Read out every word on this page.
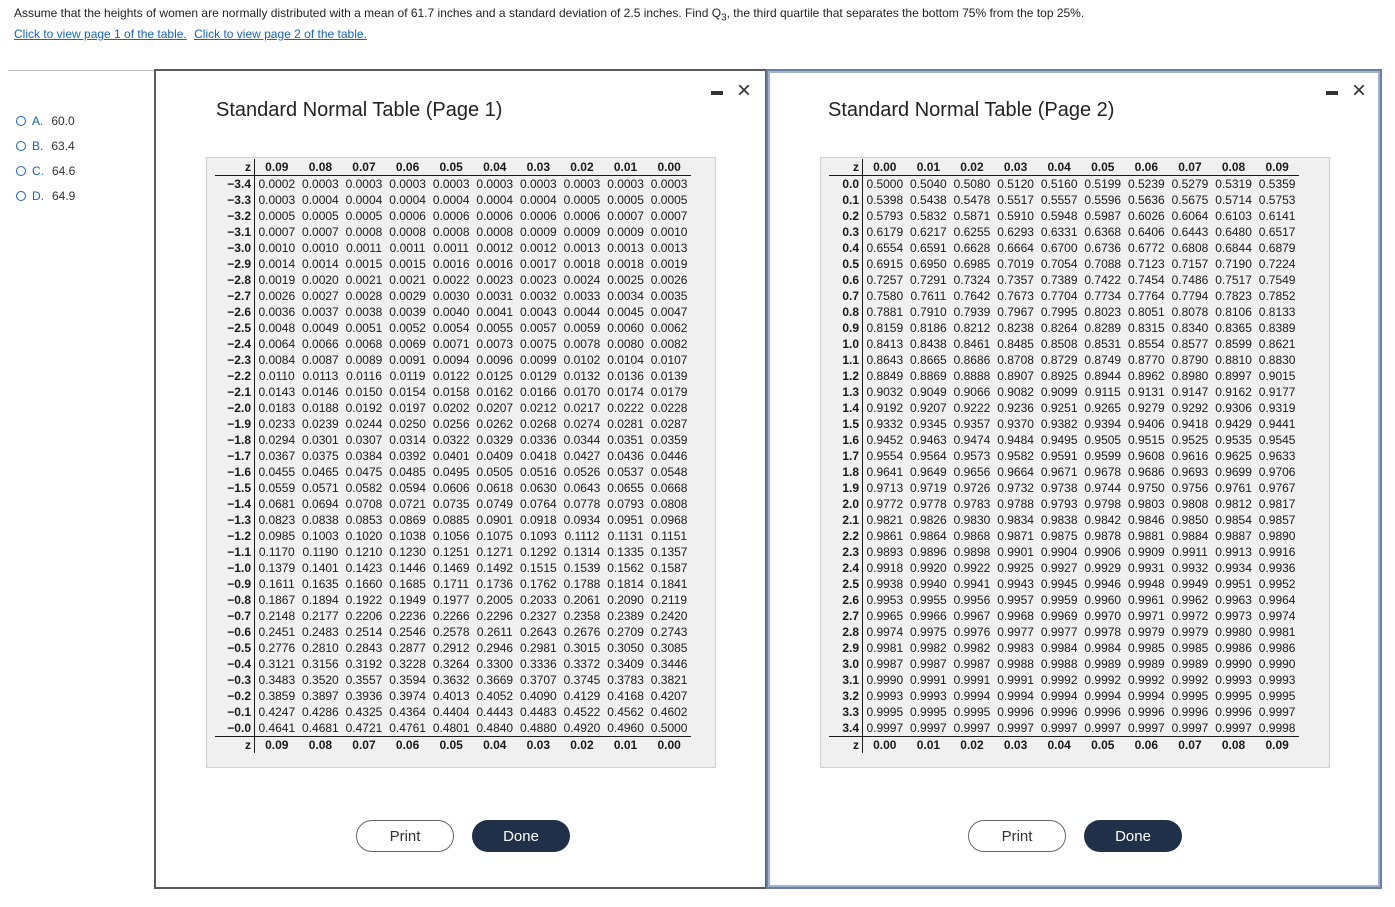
Assume that the heights of women are normally distributed with a mean of 61.7 inches and a standard deviation of 2.5 inches. Find $Q_3$, the third quartile that separates the bottom 75% from the top 25%.
Click to view page 1 of the table. Click to view page 2 of the table.
A. 60.0
B. 63.4
C. 64.6
D. 64.9
Standard Normal Table (Page 1)
×
z	0.09	0.08	0.07	0.06	0.05	0.04	0.03	0.02	0.01	0.00
−3.4	0.0002	0.0003	0.0003	0.0003	0.0003	0.0003	0.0003	0.0003	0.0003	0.0003
−3.3	0.0003	0.0004	0.0004	0.0004	0.0004	0.0004	0.0004	0.0005	0.0005	0.0005
−3.2	0.0005	0.0005	0.0005	0.0006	0.0006	0.0006	0.0006	0.0006	0.0007	0.0007
−3.1	0.0007	0.0007	0.0008	0.0008	0.0008	0.0008	0.0009	0.0009	0.0009	0.0010
−3.0	0.0010	0.0010	0.0011	0.0011	0.0011	0.0012	0.0012	0.0013	0.0013	0.0013
−2.9	0.0014	0.0014	0.0015	0.0015	0.0016	0.0016	0.0017	0.0018	0.0018	0.0019
−2.8	0.0019	0.0020	0.0021	0.0021	0.0022	0.0023	0.0023	0.0024	0.0025	0.0026
−2.7	0.0026	0.0027	0.0028	0.0029	0.0030	0.0031	0.0032	0.0033	0.0034	0.0035
−2.6	0.0036	0.0037	0.0038	0.0039	0.0040	0.0041	0.0043	0.0044	0.0045	0.0047
−2.5	0.0048	0.0049	0.0051	0.0052	0.0054	0.0055	0.0057	0.0059	0.0060	0.0062
−2.4	0.0064	0.0066	0.0068	0.0069	0.0071	0.0073	0.0075	0.0078	0.0080	0.0082
−2.3	0.0084	0.0087	0.0089	0.0091	0.0094	0.0096	0.0099	0.0102	0.0104	0.0107
−2.2	0.0110	0.0113	0.0116	0.0119	0.0122	0.0125	0.0129	0.0132	0.0136	0.0139
−2.1	0.0143	0.0146	0.0150	0.0154	0.0158	0.0162	0.0166	0.0170	0.0174	0.0179
−2.0	0.0183	0.0188	0.0192	0.0197	0.0202	0.0207	0.0212	0.0217	0.0222	0.0228
−1.9	0.0233	0.0239	0.0244	0.0250	0.0256	0.0262	0.0268	0.0274	0.0281	0.0287
−1.8	0.0294	0.0301	0.0307	0.0314	0.0322	0.0329	0.0336	0.0344	0.0351	0.0359
−1.7	0.0367	0.0375	0.0384	0.0392	0.0401	0.0409	0.0418	0.0427	0.0436	0.0446
−1.6	0.0455	0.0465	0.0475	0.0485	0.0495	0.0505	0.0516	0.0526	0.0537	0.0548
−1.5	0.0559	0.0571	0.0582	0.0594	0.0606	0.0618	0.0630	0.0643	0.0655	0.0668
−1.4	0.0681	0.0694	0.0708	0.0721	0.0735	0.0749	0.0764	0.0778	0.0793	0.0808
−1.3	0.0823	0.0838	0.0853	0.0869	0.0885	0.0901	0.0918	0.0934	0.0951	0.0968
−1.2	0.0985	0.1003	0.1020	0.1038	0.1056	0.1075	0.1093	0.1112	0.1131	0.1151
−1.1	0.1170	0.1190	0.1210	0.1230	0.1251	0.1271	0.1292	0.1314	0.1335	0.1357
−1.0	0.1379	0.1401	0.1423	0.1446	0.1469	0.1492	0.1515	0.1539	0.1562	0.1587
−0.9	0.1611	0.1635	0.1660	0.1685	0.1711	0.1736	0.1762	0.1788	0.1814	0.1841
−0.8	0.1867	0.1894	0.1922	0.1949	0.1977	0.2005	0.2033	0.2061	0.2090	0.2119
−0.7	0.2148	0.2177	0.2206	0.2236	0.2266	0.2296	0.2327	0.2358	0.2389	0.2420
−0.6	0.2451	0.2483	0.2514	0.2546	0.2578	0.2611	0.2643	0.2676	0.2709	0.2743
−0.5	0.2776	0.2810	0.2843	0.2877	0.2912	0.2946	0.2981	0.3015	0.3050	0.3085
−0.4	0.3121	0.3156	0.3192	0.3228	0.3264	0.3300	0.3336	0.3372	0.3409	0.3446
−0.3	0.3483	0.3520	0.3557	0.3594	0.3632	0.3669	0.3707	0.3745	0.3783	0.3821
−0.2	0.3859	0.3897	0.3936	0.3974	0.4013	0.4052	0.4090	0.4129	0.4168	0.4207
−0.1	0.4247	0.4286	0.4325	0.4364	0.4404	0.4443	0.4483	0.4522	0.4562	0.4602
−0.0	0.4641	0.4681	0.4721	0.4761	0.4801	0.4840	0.4880	0.4920	0.4960	0.5000
z	0.09	0.08	0.07	0.06	0.05	0.04	0.03	0.02	0.01	0.00
Print	Done
Standard Normal Table (Page 2)
×
z	0.00	0.01	0.02	0.03	0.04	0.05	0.06	0.07	0.08	0.09
0.0	0.5000	0.5040	0.5080	0.5120	0.5160	0.5199	0.5239	0.5279	0.5319	0.5359
0.1	0.5398	0.5438	0.5478	0.5517	0.5557	0.5596	0.5636	0.5675	0.5714	0.5753
0.2	0.5793	0.5832	0.5871	0.5910	0.5948	0.5987	0.6026	0.6064	0.6103	0.6141
0.3	0.6179	0.6217	0.6255	0.6293	0.6331	0.6368	0.6406	0.6443	0.6480	0.6517
0.4	0.6554	0.6591	0.6628	0.6664	0.6700	0.6736	0.6772	0.6808	0.6844	0.6879
0.5	0.6915	0.6950	0.6985	0.7019	0.7054	0.7088	0.7123	0.7157	0.7190	0.7224
0.6	0.7257	0.7291	0.7324	0.7357	0.7389	0.7422	0.7454	0.7486	0.7517	0.7549
0.7	0.7580	0.7611	0.7642	0.7673	0.7704	0.7734	0.7764	0.7794	0.7823	0.7852
0.8	0.7881	0.7910	0.7939	0.7967	0.7995	0.8023	0.8051	0.8078	0.8106	0.8133
0.9	0.8159	0.8186	0.8212	0.8238	0.8264	0.8289	0.8315	0.8340	0.8365	0.8389
1.0	0.8413	0.8438	0.8461	0.8485	0.8508	0.8531	0.8554	0.8577	0.8599	0.8621
1.1	0.8643	0.8665	0.8686	0.8708	0.8729	0.8749	0.8770	0.8790	0.8810	0.8830
1.2	0.8849	0.8869	0.8888	0.8907	0.8925	0.8944	0.8962	0.8980	0.8997	0.9015
1.3	0.9032	0.9049	0.9066	0.9082	0.9099	0.9115	0.9131	0.9147	0.9162	0.9177
1.4	0.9192	0.9207	0.9222	0.9236	0.9251	0.9265	0.9279	0.9292	0.9306	0.9319
1.5	0.9332	0.9345	0.9357	0.9370	0.9382	0.9394	0.9406	0.9418	0.9429	0.9441
1.6	0.9452	0.9463	0.9474	0.9484	0.9495	0.9505	0.9515	0.9525	0.9535	0.9545
1.7	0.9554	0.9564	0.9573	0.9582	0.9591	0.9599	0.9608	0.9616	0.9625	0.9633
1.8	0.9641	0.9649	0.9656	0.9664	0.9671	0.9678	0.9686	0.9693	0.9699	0.9706
1.9	0.9713	0.9719	0.9726	0.9732	0.9738	0.9744	0.9750	0.9756	0.9761	0.9767
2.0	0.9772	0.9778	0.9783	0.9788	0.9793	0.9798	0.9803	0.9808	0.9812	0.9817
2.1	0.9821	0.9826	0.9830	0.9834	0.9838	0.9842	0.9846	0.9850	0.9854	0.9857
2.2	0.9861	0.9864	0.9868	0.9871	0.9875	0.9878	0.9881	0.9884	0.9887	0.9890
2.3	0.9893	0.9896	0.9898	0.9901	0.9904	0.9906	0.9909	0.9911	0.9913	0.9916
2.4	0.9918	0.9920	0.9922	0.9925	0.9927	0.9929	0.9931	0.9932	0.9934	0.9936
2.5	0.9938	0.9940	0.9941	0.9943	0.9945	0.9946	0.9948	0.9949	0.9951	0.9952
2.6	0.9953	0.9955	0.9956	0.9957	0.9959	0.9960	0.9961	0.9962	0.9963	0.9964
2.7	0.9965	0.9966	0.9967	0.9968	0.9969	0.9970	0.9971	0.9972	0.9973	0.9974
2.8	0.9974	0.9975	0.9976	0.9977	0.9977	0.9978	0.9979	0.9979	0.9980	0.9981
2.9	0.9981	0.9982	0.9982	0.9983	0.9984	0.9984	0.9985	0.9985	0.9986	0.9986
3.0	0.9987	0.9987	0.9987	0.9988	0.9988	0.9989	0.9989	0.9989	0.9990	0.9990
3.1	0.9990	0.9991	0.9991	0.9991	0.9992	0.9992	0.9992	0.9992	0.9993	0.9993
3.2	0.9993	0.9993	0.9994	0.9994	0.9994	0.9994	0.9994	0.9995	0.9995	0.9995
3.3	0.9995	0.9995	0.9995	0.9996	0.9996	0.9996	0.9996	0.9996	0.9996	0.9997
3.4	0.9997	0.9997	0.9997	0.9997	0.9997	0.9997	0.9997	0.9997	0.9997	0.9998
z	0.00	0.01	0.02	0.03	0.04	0.05	0.06	0.07	0.08	0.09
Print	Done
